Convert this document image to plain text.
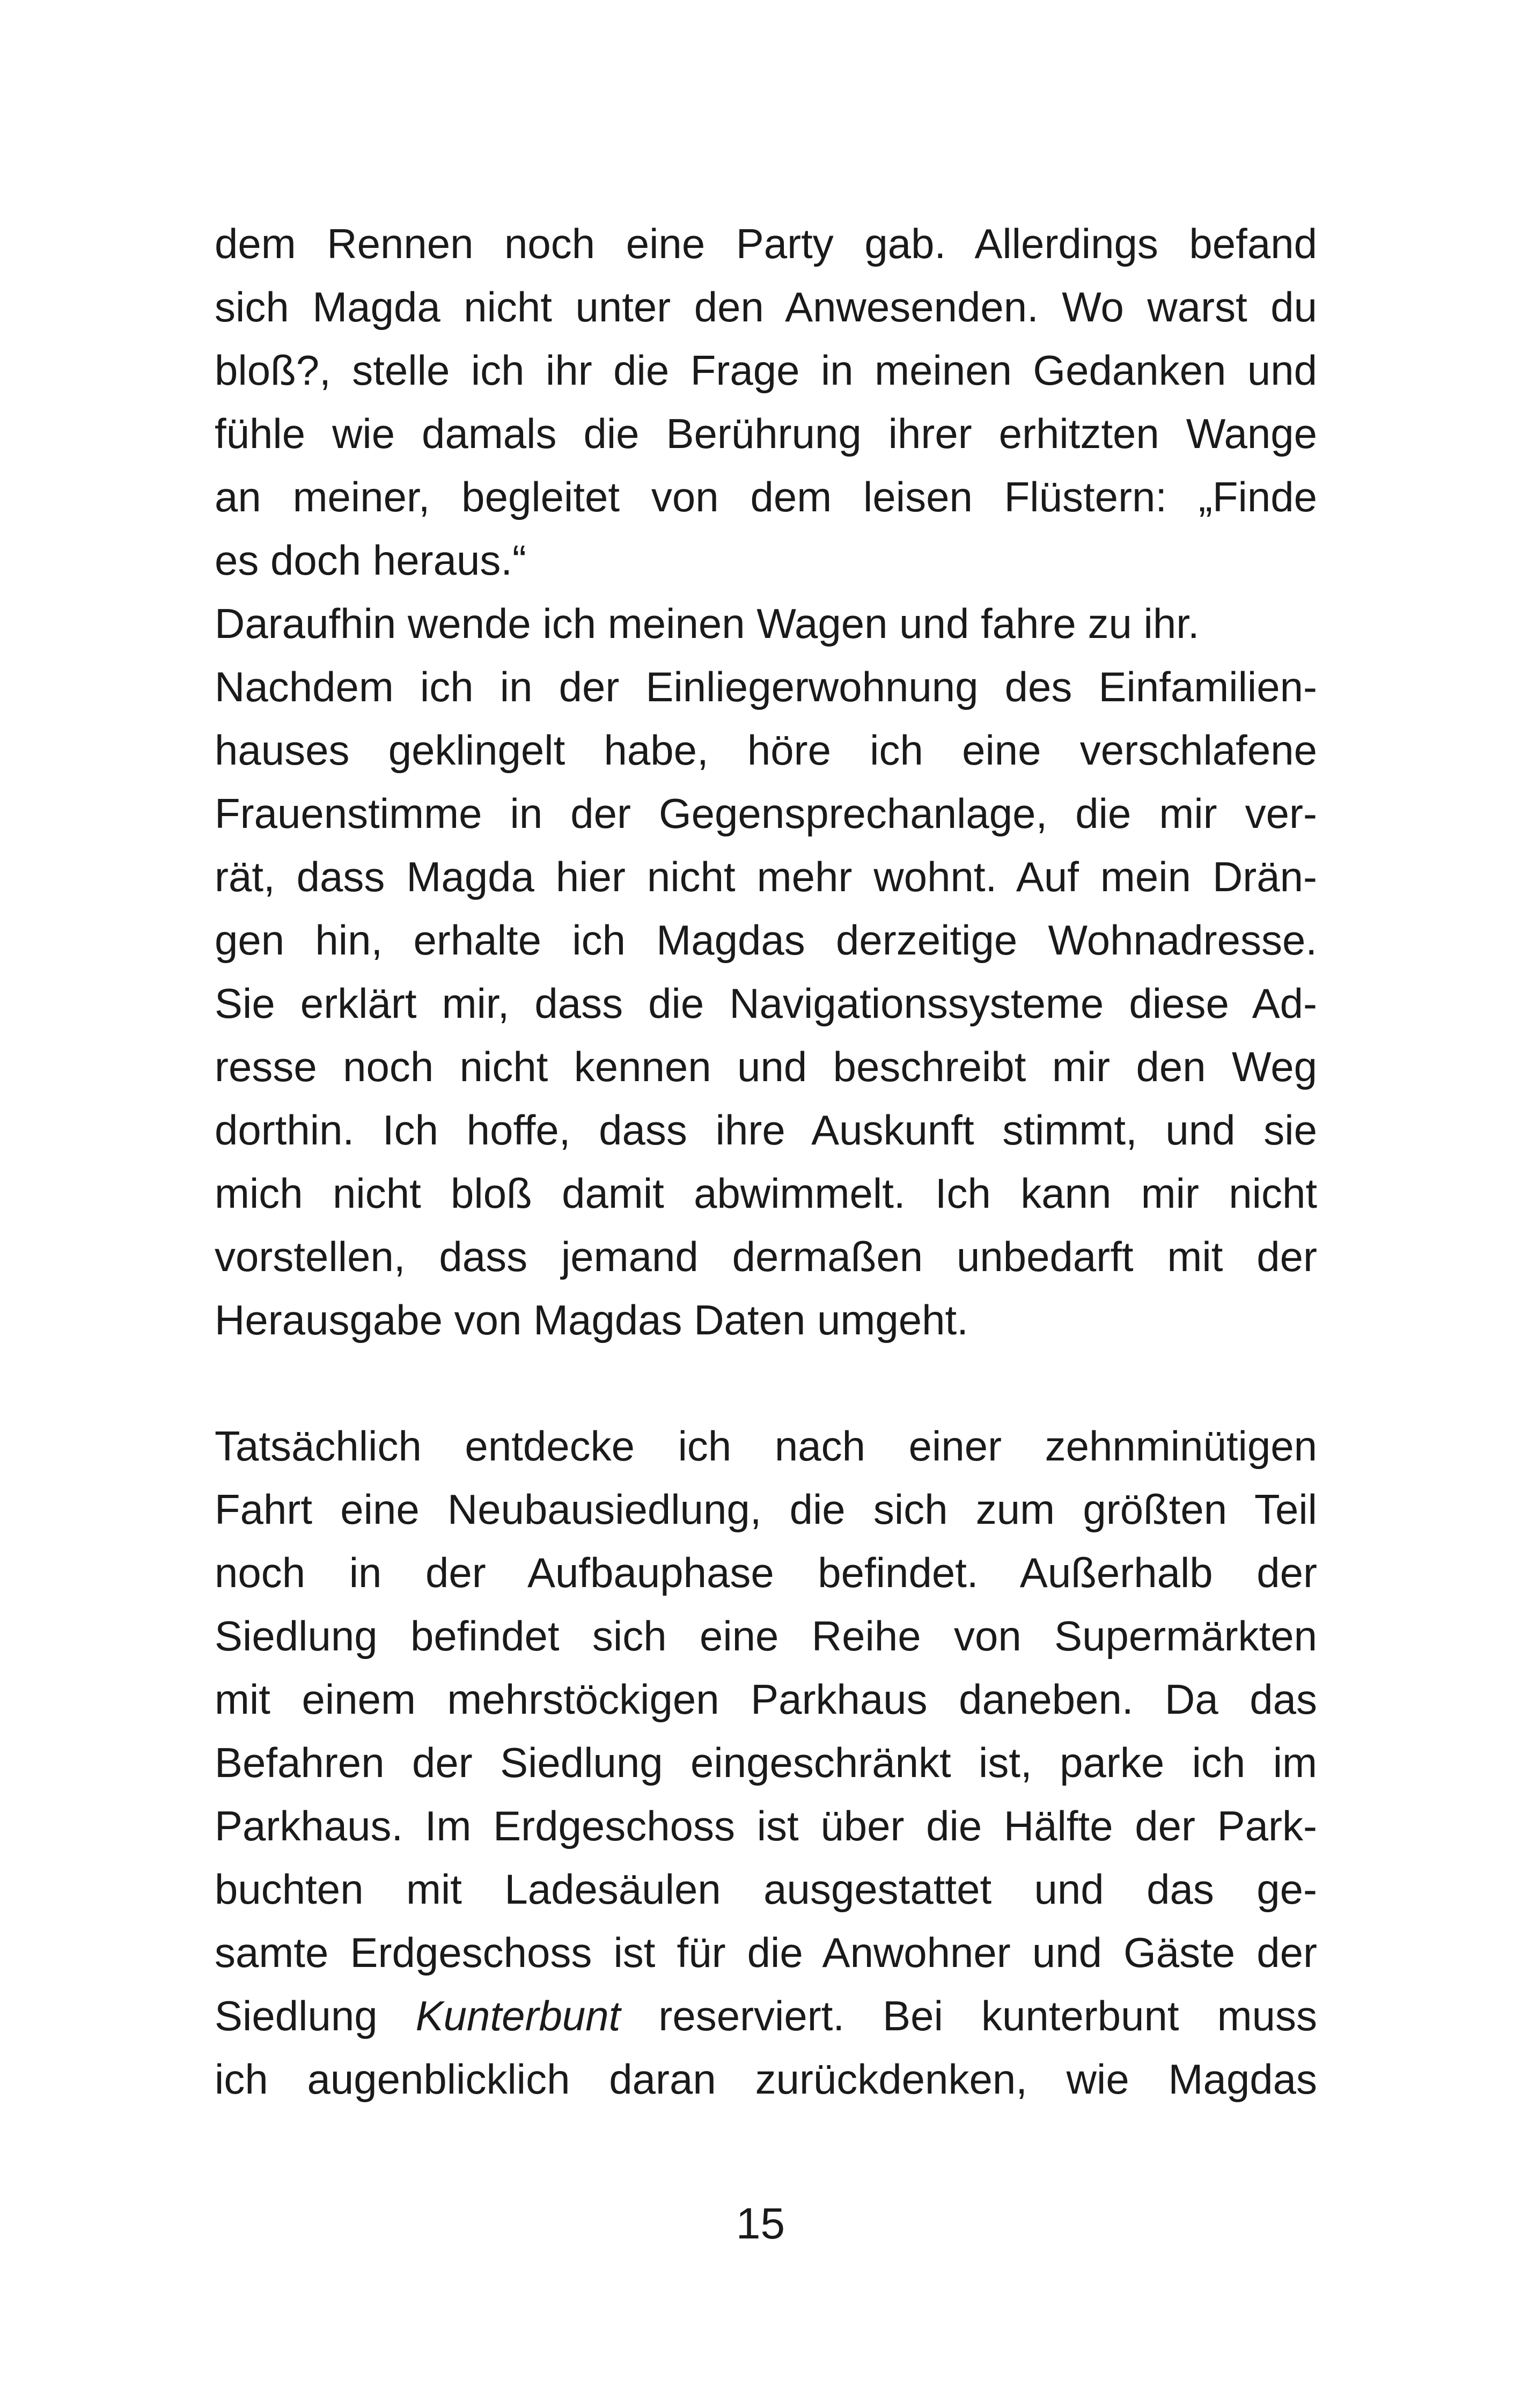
dem Rennen noch eine Party gab. Allerdings befand
sich Magda nicht unter den Anwesenden. Wo warst du
bloß?, stelle ich ihr die Frage in meinen Gedanken und
fühle wie damals die Berührung ihrer erhitzten Wange
an meiner, begleitet von dem leisen Flüstern: „Finde
es doch heraus.“
Daraufhin wende ich meinen Wagen und fahre zu ihr.
Nachdem ich in der Einliegerwohnung des Einfamilien-
hauses geklingelt habe, höre ich eine verschlafene
Frauenstimme in der Gegensprechanlage, die mir ver-
rät, dass Magda hier nicht mehr wohnt. Auf mein Drän-
gen hin, erhalte ich Magdas derzeitige Wohnadresse.
Sie erklärt mir, dass die Navigationssysteme diese Ad-
resse noch nicht kennen und beschreibt mir den Weg
dorthin. Ich hoffe, dass ihre Auskunft stimmt, und sie
mich nicht bloß damit abwimmelt. Ich kann mir nicht
vorstellen, dass jemand dermaßen unbedarft mit der
Herausgabe von Magdas Daten umgeht.
Tatsächlich entdecke ich nach einer zehnminütigen
Fahrt eine Neubausiedlung, die sich zum größten Teil
noch in der Aufbauphase befindet. Außerhalb der
Siedlung befindet sich eine Reihe von Supermärkten
mit einem mehrstöckigen Parkhaus daneben. Da das
Befahren der Siedlung eingeschränkt ist, parke ich im
Parkhaus. Im Erdgeschoss ist über die Hälfte der Park-
buchten mit Ladesäulen ausgestattet und das ge-
samte Erdgeschoss ist für die Anwohner und Gäste der
Siedlung Kunterbunt reserviert. Bei kunterbunt muss
ich augenblicklich daran zurückdenken, wie Magdas
15
